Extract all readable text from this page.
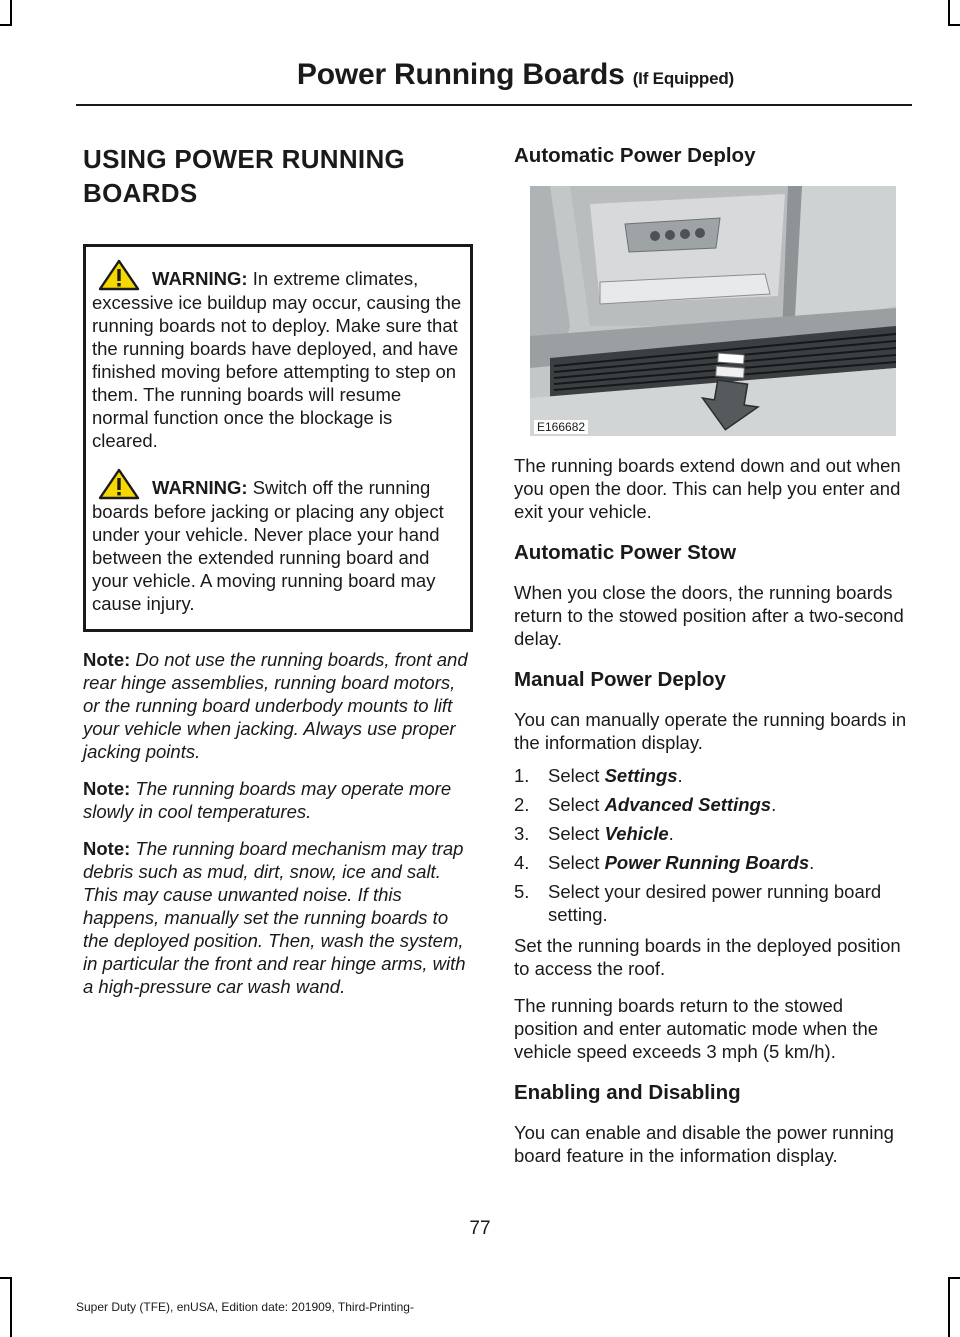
Power Running Boards (If Equipped)
USING POWER RUNNING
BOARDS

WARNING: In extreme climates, excessive ice buildup may occur, causing the running boards not to deploy. Make sure that the running boards have deployed, and have finished moving before attempting to step on them. The running boards will resume normal function once the blockage is cleared.

WARNING: Switch off the running boards before jacking or placing any object under your vehicle. Never place your hand between the extended running board and your vehicle. A moving running board may cause injury.

Note: Do not use the running boards, front and rear hinge assemblies, running board motors, or the running board underbody mounts to lift your vehicle when jacking. Always use proper jacking points.

Note: The running boards may operate more slowly in cool temperatures.

Note: The running board mechanism may trap debris such as mud, dirt, snow, ice and salt. This may cause unwanted noise. If this happens, manually set the running boards to the deployed position. Then, wash the system, in particular the front and rear hinge arms, with a high-pressure car wash wand.

Automatic Power Deploy
E166682

The running boards extend down and out when you open the door. This can help you enter and exit your vehicle.

Automatic Power Stow

When you close the doors, the running boards return to the stowed position after a two-second delay.

Manual Power Deploy

You can manually operate the running boards in the information display.

1.	Select Settings.
2.	Select Advanced Settings.
3.	Select Vehicle.
4.	Select Power Running Boards.
5.	Select your desired power running board setting.

Set the running boards in the deployed position to access the roof.

The running boards return to the stowed position and enter automatic mode when the vehicle speed exceeds 3 mph (5 km/h).

Enabling and Disabling

You can enable and disable the power running board feature in the information display.

77
Super Duty (TFE), enUSA, Edition date: 201909, Third-Printing-
